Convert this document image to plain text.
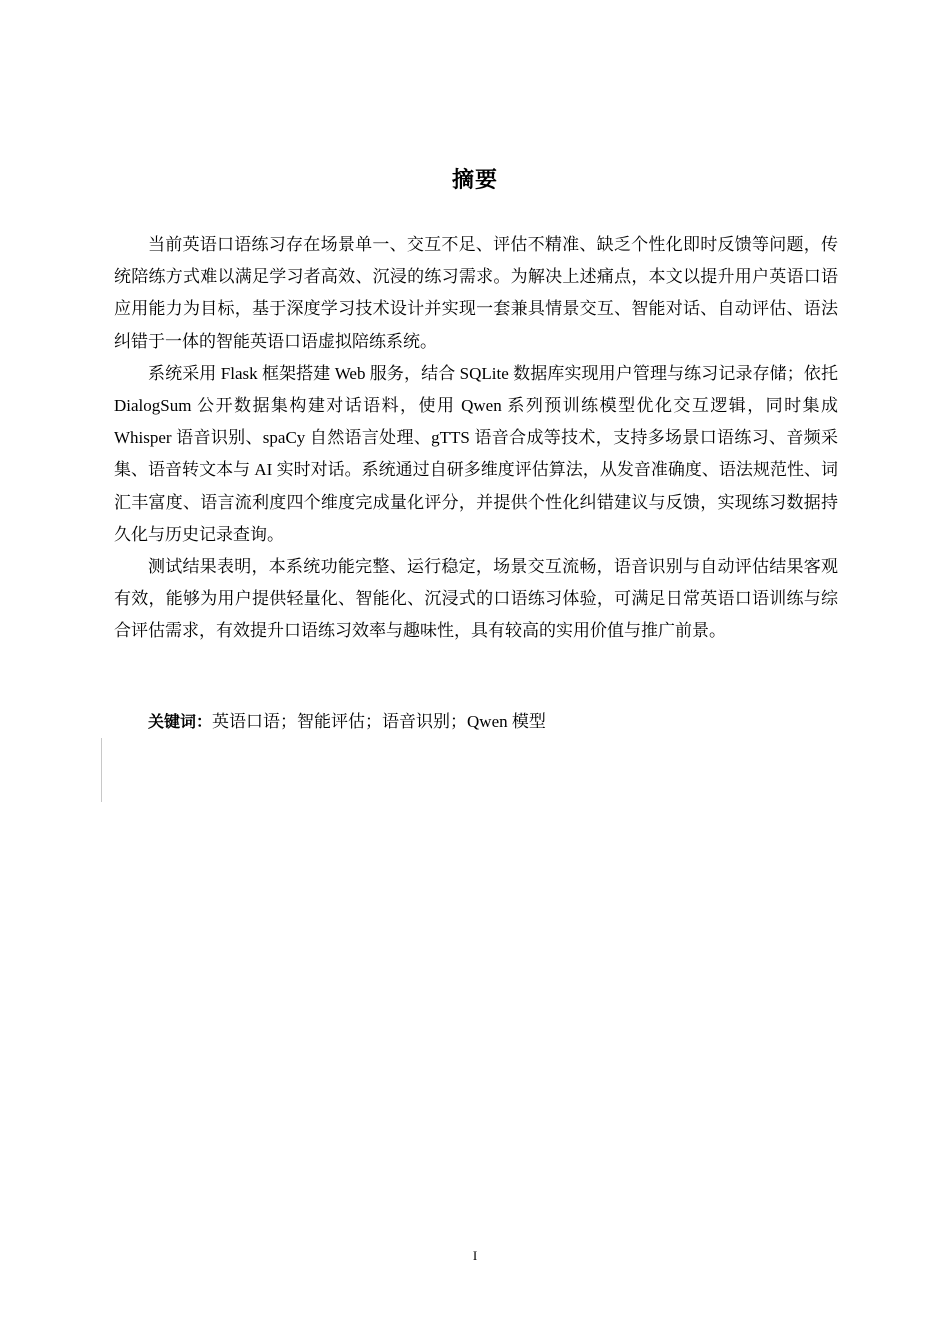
摘要

当前英语口语练习存在场景单一、交互不足、评估不精准、缺乏个性化即时反馈等问题，传统陪练方式难以满足学习者高效、沉浸的练习需求。为解决上述痛点，本文以提升用户英语口语应用能力为目标，基于深度学习技术设计并实现一套兼具情景交互、智能对话、自动评估、语法纠错于一体的智能英语口语虚拟陪练系统。

系统采用 Flask 框架搭建 Web 服务，结合 SQLite 数据库实现用户管理与练习记录存储；依托 DialogSum 公开数据集构建对话语料，使用 Qwen 系列预训练模型优化交互逻辑，同时集成 Whisper 语音识别、spaCy 自然语言处理、gTTS 语音合成等技术，支持多场景口语练习、音频采集、语音转文本与 AI 实时对话。系统通过自研多维度评估算法，从发音准确度、语法规范性、词汇丰富度、语言流利度四个维度完成量化评分，并提供个性化纠错建议与反馈，实现练习数据持久化与历史记录查询。

测试结果表明，本系统功能完整、运行稳定，场景交互流畅，语音识别与自动评估结果客观有效，能够为用户提供轻量化、智能化、沉浸式的口语练习体验，可满足日常英语口语训练与综合评估需求，有效提升口语练习效率与趣味性，具有较高的实用价值与推广前景。

关键词：英语口语；智能评估；语音识别；Qwen 模型
I
